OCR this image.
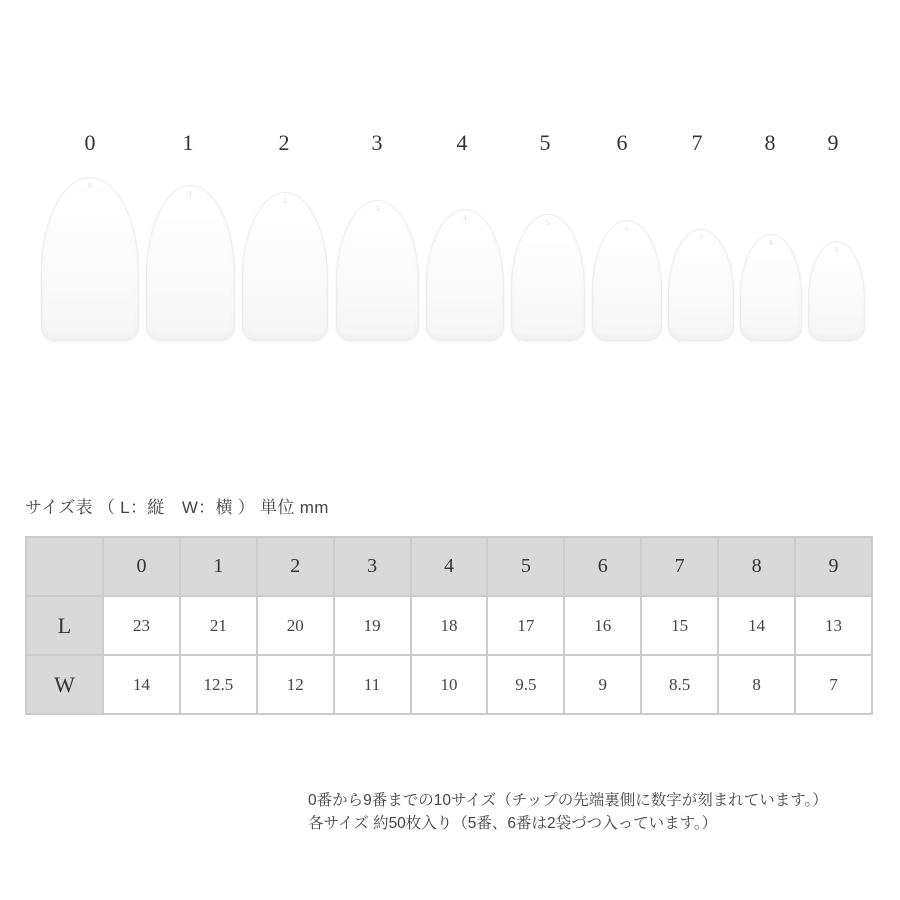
0	1	2	3	4	5	6	7	8	9
0
1
2
3
4
5
6
7
8
9
サイズ表 （ L：縦　W：横 ） 単位 mm
	0	1	2	3	4	5	6	7	8	9
L	23	21	20	19	18	17	16	15	14	13
W	14	12.5	12	11	10	9.5	9	8.5	8	7
0番から9番までの10サイズ（チップの先端裏側に数字が刻まれています。）
各サイズ 約50枚入り（5番、6番は2袋づつ入っています。）
